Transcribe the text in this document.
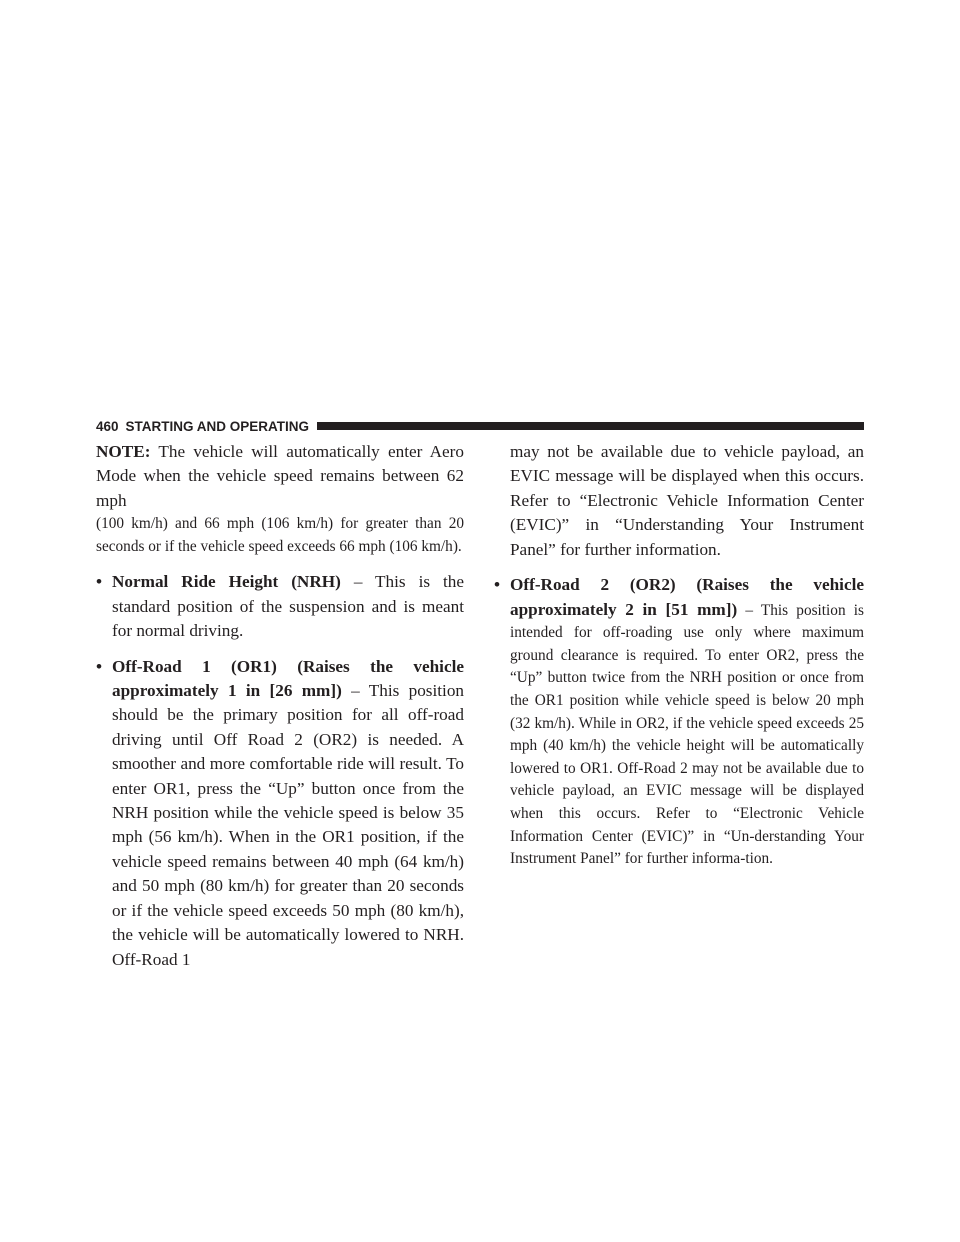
460 STARTING AND OPERATING

NOTE: The vehicle will automatically enter Aero Mode when the vehicle speed remains between 62 mph

(100 km/h) and 66 mph (106 km/h) for greater than 20 seconds or if the vehicle speed exceeds 66 mph (106 km/h).

• Normal Ride Height (NRH) – This is the standard position of the suspension and is meant for normal driving.

• Off-Road 1 (OR1) (Raises the vehicle approximately 1 in [26 mm]) – This position should be the primary position for all off-road driving until Off Road 2 (OR2) is needed. A smoother and more comfortable ride will result. To enter OR1, press the “Up” button once from the NRH position while the vehicle speed is below 35 mph (56 km/h). When in the OR1 position, if the vehicle speed remains between 40 mph (64 km/h) and 50 mph (80 km/h) for greater than 20 seconds or if the vehicle speed exceeds 50 mph (80 km/h), the vehicle will be automatically lowered to NRH. Off-Road 1

may not be available due to vehicle payload, an EVIC message will be displayed when this occurs. Refer to “Electronic Vehicle Information Center (EVIC)” in “Understanding Your Instrument Panel” for further information.

• Off-Road 2 (OR2) (Raises the vehicle approximately 2 in [51 mm]) – This position is intended for off-roading use only where maximum ground clearance is required. To enter OR2, press the “Up” button twice from the NRH position or once from the OR1 position while vehicle speed is below 20 mph (32 km/h). While in OR2, if the vehicle speed exceeds 25 mph (40 km/h) the vehicle height will be automatically lowered to OR1. Off-Road 2 may not be available due to vehicle payload, an EVIC message will be displayed when this occurs. Refer to “Electronic Vehicle Information Center (EVIC)” in “Un-derstanding Your Instrument Panel” for further informa-tion.
